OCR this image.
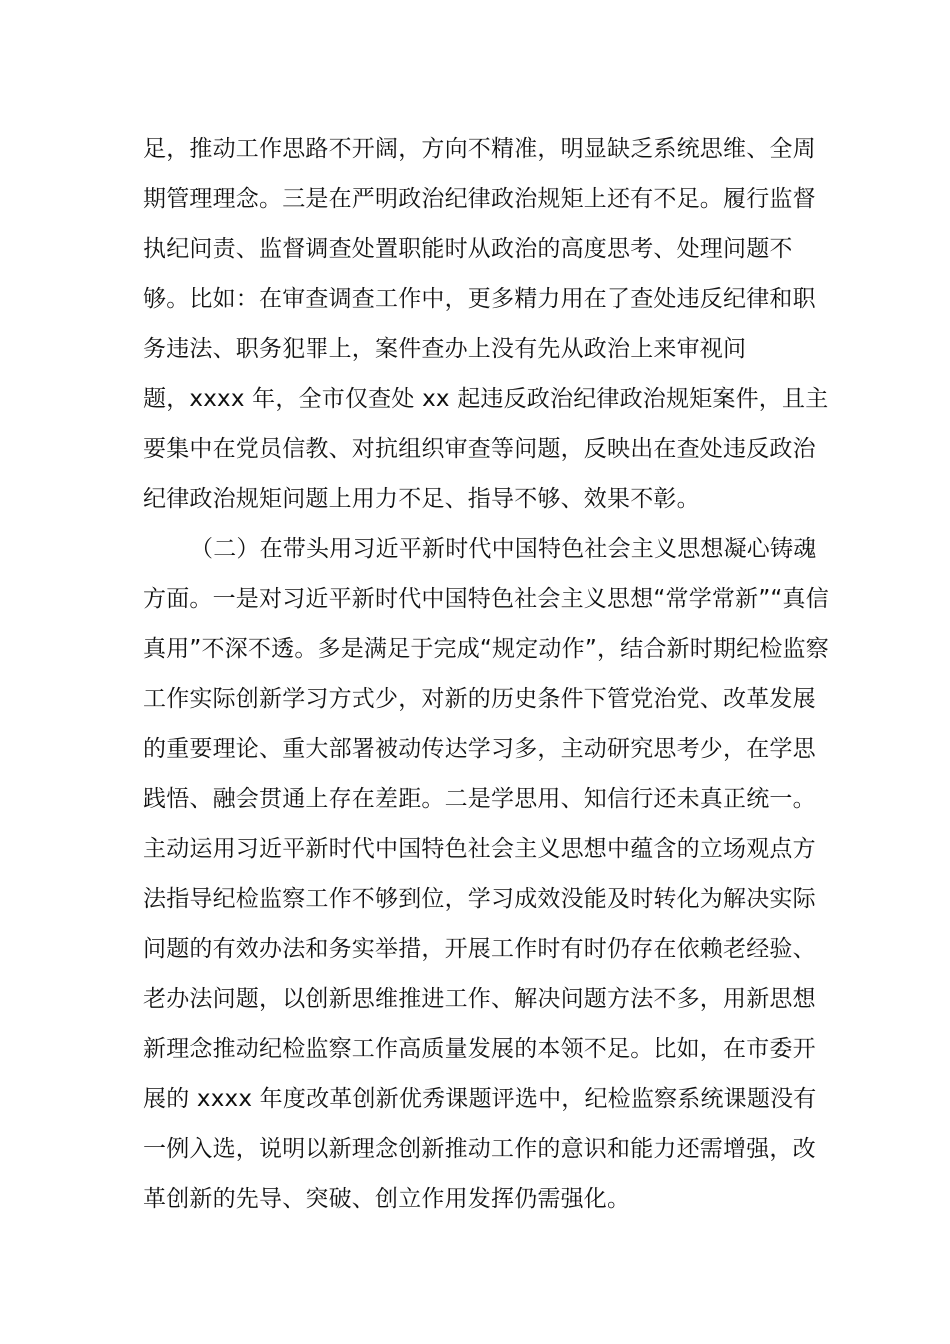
足，推动工作思路不开阔，方向不精准，明显缺乏系统思维、全周
期管理理念。三是在严明政治纪律政治规矩上还有不足。履行监督
执纪问责、监督调查处置职能时从政治的高度思考、处理问题不
够。比如：在审查调查工作中，更多精力用在了查处违反纪律和职
务违法、职务犯罪上，案件查办上没有先从政治上来审视问
题，xxxx 年，全市仅查处 xx 起违反政治纪律政治规矩案件，且主
要集中在党员信教、对抗组织审查等问题，反映出在查处违反政治
纪律政治规矩问题上用力不足、指导不够、效果不彰。
（二）在带头用习近平新时代中国特色社会主义思想凝心铸魂
方面。一是对习近平新时代中国特色社会主义思想“常学常新”“真信
真用”不深不透。多是满足于完成“规定动作”，结合新时期纪检监察
工作实际创新学习方式少，对新的历史条件下管党治党、改革发展
的重要理论、重大部署被动传达学习多，主动研究思考少，在学思
践悟、融会贯通上存在差距。二是学思用、知信行还未真正统一。
主动运用习近平新时代中国特色社会主义思想中蕴含的立场观点方
法指导纪检监察工作不够到位，学习成效没能及时转化为解决实际
问题的有效办法和务实举措，开展工作时有时仍存在依赖老经验、
老办法问题，以创新思维推进工作、解决问题方法不多，用新思想
新理念推动纪检监察工作高质量发展的本领不足。比如，在市委开
展的 xxxx 年度改革创新优秀课题评选中，纪检监察系统课题没有
一例入选，说明以新理念创新推动工作的意识和能力还需增强，改
革创新的先导、突破、创立作用发挥仍需强化。
